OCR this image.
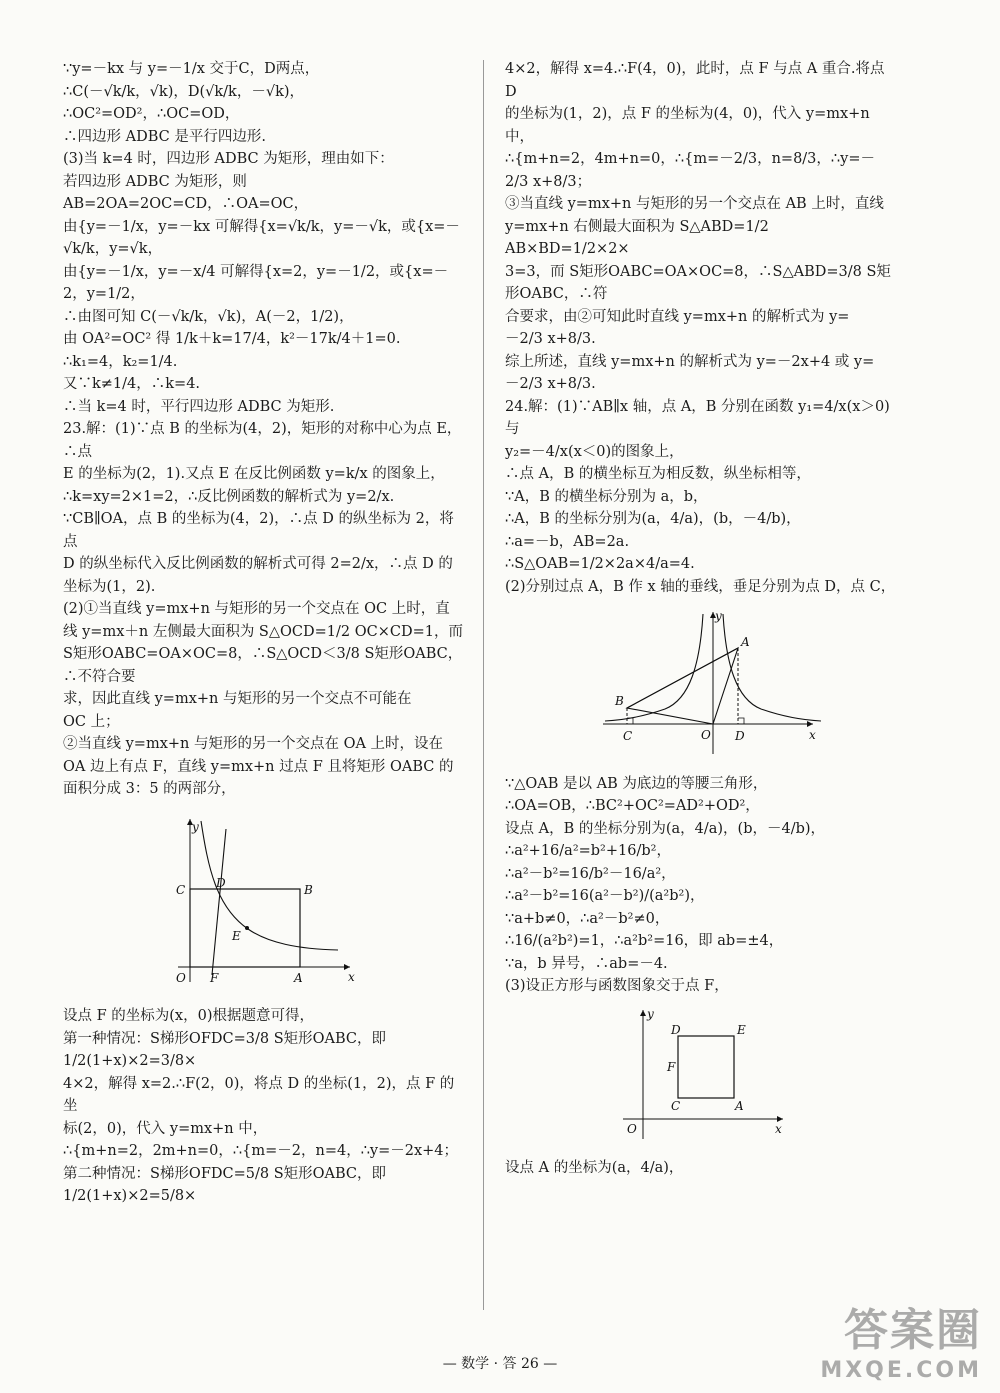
∵y=－kx 与 y=－1/x 交于C，D两点，
∴C(－√k/k，√k)，D(√k/k，－√k)，
∴OC²=OD²，∴OC=OD，
∴四边形 ADBC 是平行四边形.
(3)当 k=4 时，四边形 ADBC 为矩形，理由如下：
若四边形 ADBC 为矩形，则
AB=2OA=2OC=CD，∴OA=OC，
由{y=－1/x，y=－kx 可解得{x=√k/k，y=－√k，或{x=－√k/k，y=√k，
由{y=－1/x，y=－x/4 可解得{x=2，y=－1/2，或{x=－2，y=1/2，
∴由图可知 C(－√k/k，√k)，A(－2，1/2)，
由 OA²=OC² 得 1/k＋k=17/4，k²－17k/4＋1=0.
∴k₁=4，k₂=1/4.
又∵k≠1/4，∴k=4.
∴当 k=4 时，平行四边形 ADBC 为矩形.
23.解：(1)∵点 B 的坐标为(4，2)，矩形的对称中心为点 E，∴点
E 的坐标为(2，1).又点 E 在反比例函数 y=k/x 的图象上，
∴k=xy=2×1=2，∴反比例函数的解析式为 y=2/x.
∵CB∥OA，点 B 的坐标为(4，2)，∴点 D 的纵坐标为 2，将点
D 的纵坐标代入反比例函数的解析式可得 2=2/x，∴点 D 的
坐标为(1，2).
(2)①当直线 y=mx+n 与矩形的另一个交点在 OC 上时，直
线 y=mx＋n 左侧最大面积为 S△OCD=1/2 OC×CD=1，而
S矩形OABC=OA×OC=8，∴S△OCD＜3/8 S矩形OABC，∴不符合要
求，因此直线 y=mx+n 与矩形的另一个交点不可能在
OC 上；
②当直线 y=mx+n 与矩形的另一个交点在 OA 上时，设在
OA 边上有点 F，直线 y=mx+n 过点 F 且将矩形 OABC 的
面积分成 3：5 的两部分，
y
x
O
C	D	B
E
F	A
设点 F 的坐标为(x，0)根据题意可得，
第一种情况：S梯形OFDC=3/8 S矩形OABC，即 1/2(1+x)×2=3/8×
4×2，解得 x=2.∴F(2，0)，将点 D 的坐标(1，2)，点 F 的坐
标(2，0)，代入 y=mx+n 中，
∴{m+n=2，2m+n=0，∴{m=－2，n=4，∴y=－2x+4；
第二种情况：S梯形OFDC=5/8 S矩形OABC，即 1/2(1+x)×2=5/8×
4×2，解得 x=4.∴F(4，0)，此时，点 F 与点 A 重合.将点 D
的坐标为(1，2)，点 F 的坐标为(4，0)，代入 y=mx+n 中，
∴{m+n=2，4m+n=0，∴{m=－2/3，n=8/3，∴y=－2/3 x+8/3；
③当直线 y=mx+n 与矩形的另一个交点在 AB 上时，直线
y=mx+n 右侧最大面积为 S△ABD=1/2 AB×BD=1/2×2×
3=3，而 S矩形OABC=OA×OC=8，∴S△ABD=3/8 S矩形OABC，∴符
合要求，由②可知此时直线 y=mx+n 的解析式为 y=
－2/3 x+8/3.
综上所述，直线 y=mx+n 的解析式为 y=－2x+4 或 y=
－2/3 x+8/3.
24.解：(1)∵AB∥x 轴，点 A，B 分别在函数 y₁=4/x(x＞0)与
y₂=－4/x(x＜0)的图象上，
∴点 A，B 的横坐标互为相反数，纵坐标相等，
∵A，B 的横坐标分别为 a，b，
∴A，B 的坐标分别为(a，4/a)，(b，－4/b)，
∴a=－b，AB=2a.
∴S△OAB=1/2×2a×4/a=4.
(2)分别过点 A，B 作 x 轴的垂线，垂足分别为点 D，点 C，
y
x
O
A
B
C	D
∵△OAB 是以 AB 为底边的等腰三角形，
∴OA=OB，∴BC²+OC²=AD²+OD²，
设点 A，B 的坐标分别为(a，4/a)，(b，－4/b)，
∴a²+16/a²=b²+16/b²，
∴a²－b²=16/b²－16/a²，
∴a²－b²=16(a²－b²)/(a²b²)，
∵a+b≠0，∴a²－b²≠0，
∴16/(a²b²)=1，∴a²b²=16，即 ab=±4，
∵a，b 异号，∴ab=－4.
(3)设正方形与函数图象交于点 F，
y
x
O
D	E
F
C	A
设点 A 的坐标为(a，4/a)，
— 数学 · 答 26 —
答案圈
MXQE.COM
